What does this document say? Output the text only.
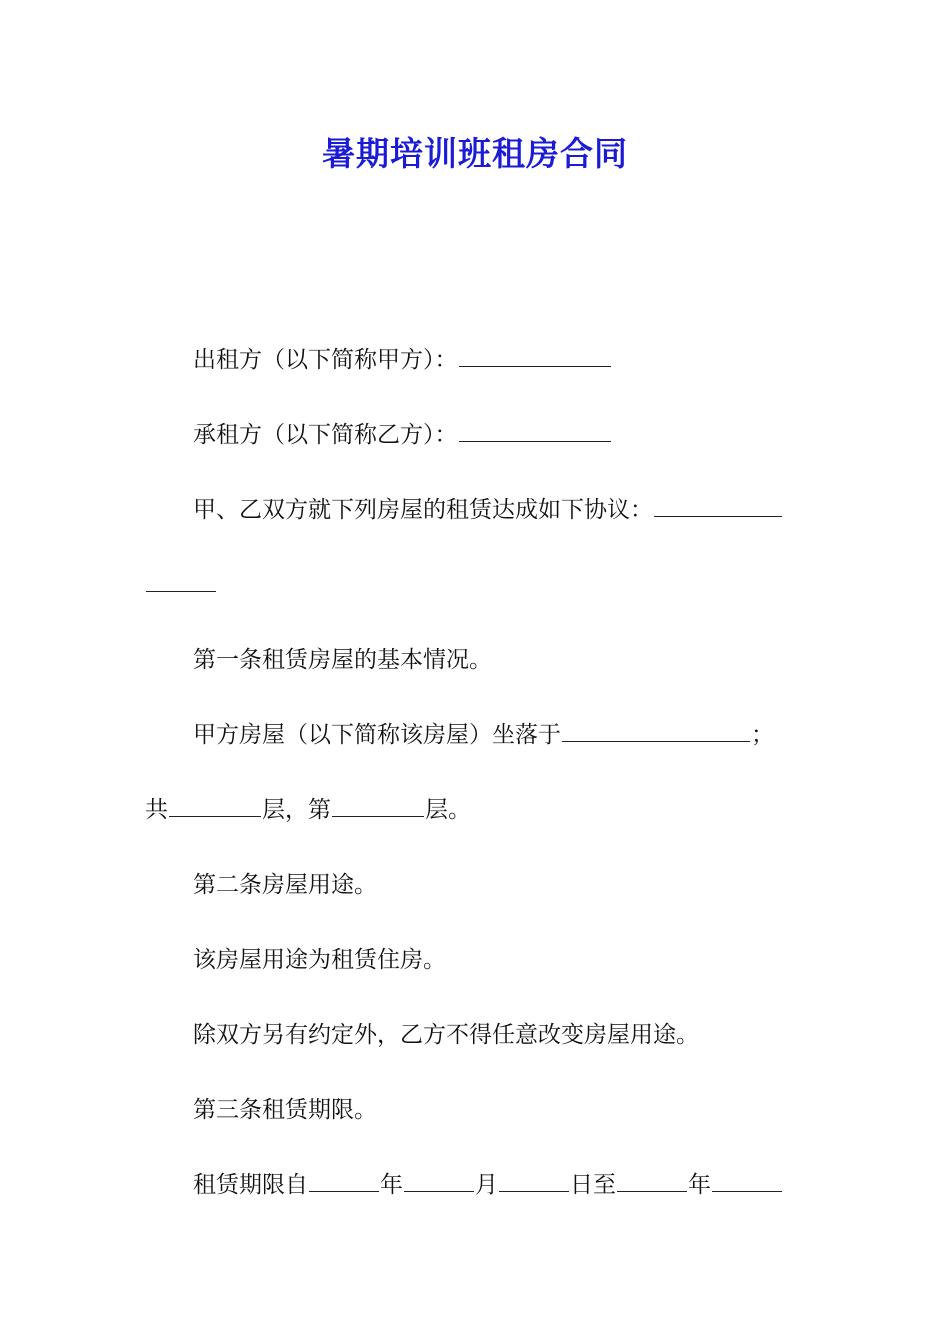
暑期培训班租房合同
出租方（以下简称甲方）：
承租方（以下简称乙方）：
甲、乙双方就下列房屋的租赁达成如下协议：
第一条租赁房屋的基本情况。
甲方房屋（以下简称该房屋）坐落于	；
共	层，第	层。
第二条房屋用途。
该房屋用途为租赁住房。
除双方另有约定外，乙方不得任意改变房屋用途。
第三条租赁期限。
租赁期限自	年	月	日至	年
